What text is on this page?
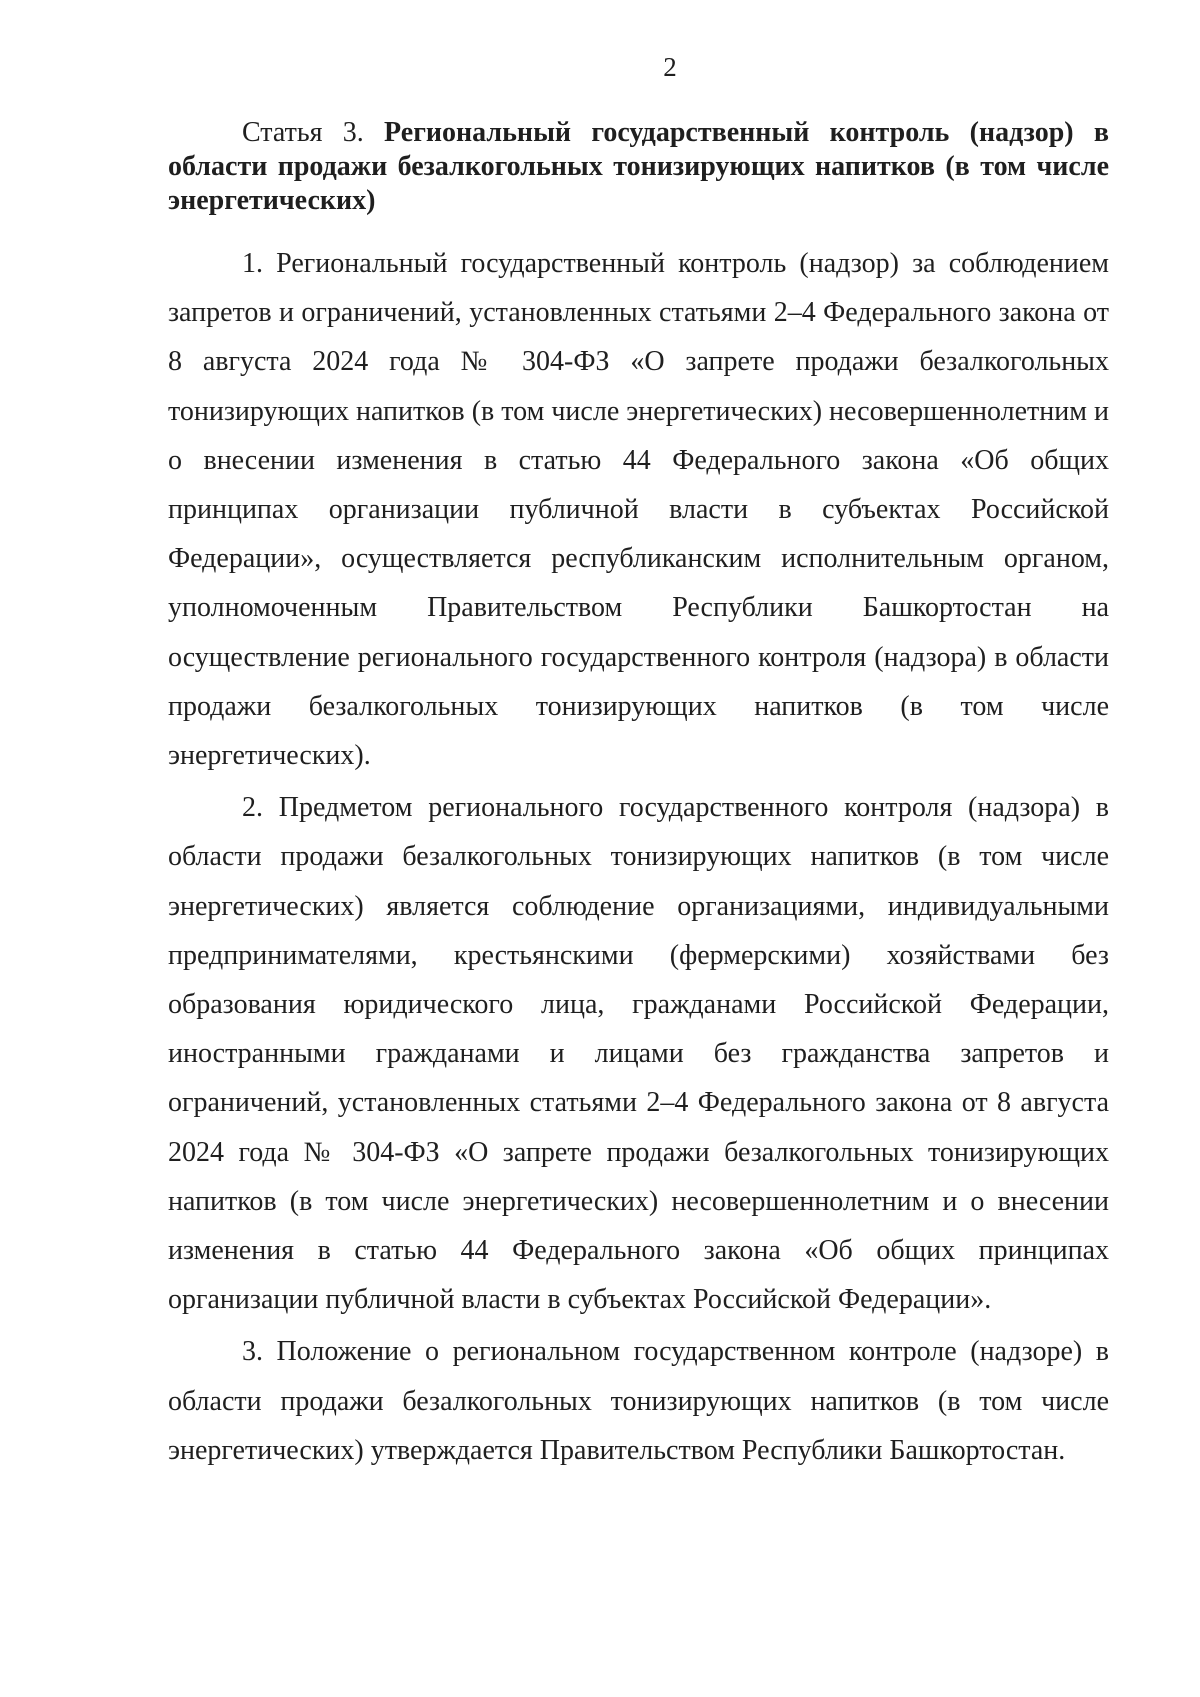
2

Статья 3. Региональный государственный контроль (надзор) в области продажи безалкогольных тонизирующих напитков (в том числе энергетических)

1. Региональный государственный контроль (надзор) за соблюдением запретов и ограничений, установленных статьями 2–4 Федерального закона от 8 августа 2024 года № 304-ФЗ «О запрете продажи безалкогольных тонизирующих напитков (в том числе энергетических) несовершеннолетним и о внесении изменения в статью 44 Федерального закона «Об общих принципах организации публичной власти в субъектах Российской Федерации», осуществляется республиканским исполнительным органом, уполномоченным Правительством Республики Башкортостан на осуществление регионального государственного контроля (надзора) в области продажи безалкогольных тонизирующих напитков (в том числе энергетических).

2. Предметом регионального государственного контроля (надзора) в области продажи безалкогольных тонизирующих напитков (в том числе энергетических) является соблюдение организациями, индивидуальными предпринимателями, крестьянскими (фермерскими) хозяйствами без образования юридического лица, гражданами Российской Федерации, иностранными гражданами и лицами без гражданства запретов и ограничений, установленных статьями 2–4 Федерального закона от 8 августа 2024 года № 304-ФЗ «О запрете продажи безалкогольных тонизирующих напитков (в том числе энергетических) несовершеннолетним и о внесении изменения в статью 44 Федерального закона «Об общих принципах организации публичной власти в субъектах Российской Федерации».

3. Положение о региональном государственном контроле (надзоре) в области продажи безалкогольных тонизирующих напитков (в том числе энергетических) утверждается Правительством Республики Башкортостан.
